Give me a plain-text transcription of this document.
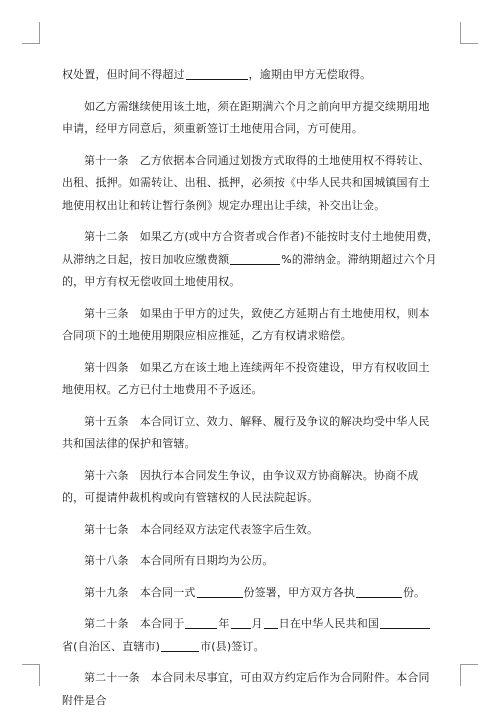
权处置，但时间不得超过	，逾期由甲方无偿取得。

如乙方需继续使用该土地，须在距期满六个月之前向甲方提交续期用地申请，经甲方同意后，须重新签订土地使用合同，方可使用。

第十一条　乙方依据本合同通过划拨方式取得的土地使用权不得转让、出租、抵押。如需转让、出租、抵押，必须按《中华人民共和国城镇国有土地使用权出让和转让暂行条例》规定办理出让手续，补交出让金。

第十二条　如果乙方(或中方合资者或合作者)不能按时支付土地使用费，从滞纳之日起，按日加收应缴费额	%的滞纳金。滞纳期超过六个月的，甲方有权无偿收回土地使用权。

第十三条　如果由于甲方的过失，致使乙方延期占有土地使用权，则本合同项下的土地使用期限应相应推延，乙方有权请求赔偿。

第十四条　如果乙方在该土地上连续两年不投资建设，甲方有权收回土地使用权。乙方已付土地费用不予返还。

第十五条　本合同订立、效力、解释、履行及争议的解决均受中华人民共和国法律的保护和管辖。

第十六条　因执行本合同发生争议，由争议双方协商解决。协商不成的，可提请仲裁机构或向有管辖权的人民法院起诉。

第十七条　本合同经双方法定代表签字后生效。

第十八条　本合同所有日期均为公历。

第十九条　本合同一式	份签署，甲方双方各执	份。

第二十条　本合同于	年 月 日在中华人民共和国省(自治区、直辖市)	市(县)签订。

第二十一条　本合同未尽事宜，可由双方约定后作为合同附件。本合同附件是合
